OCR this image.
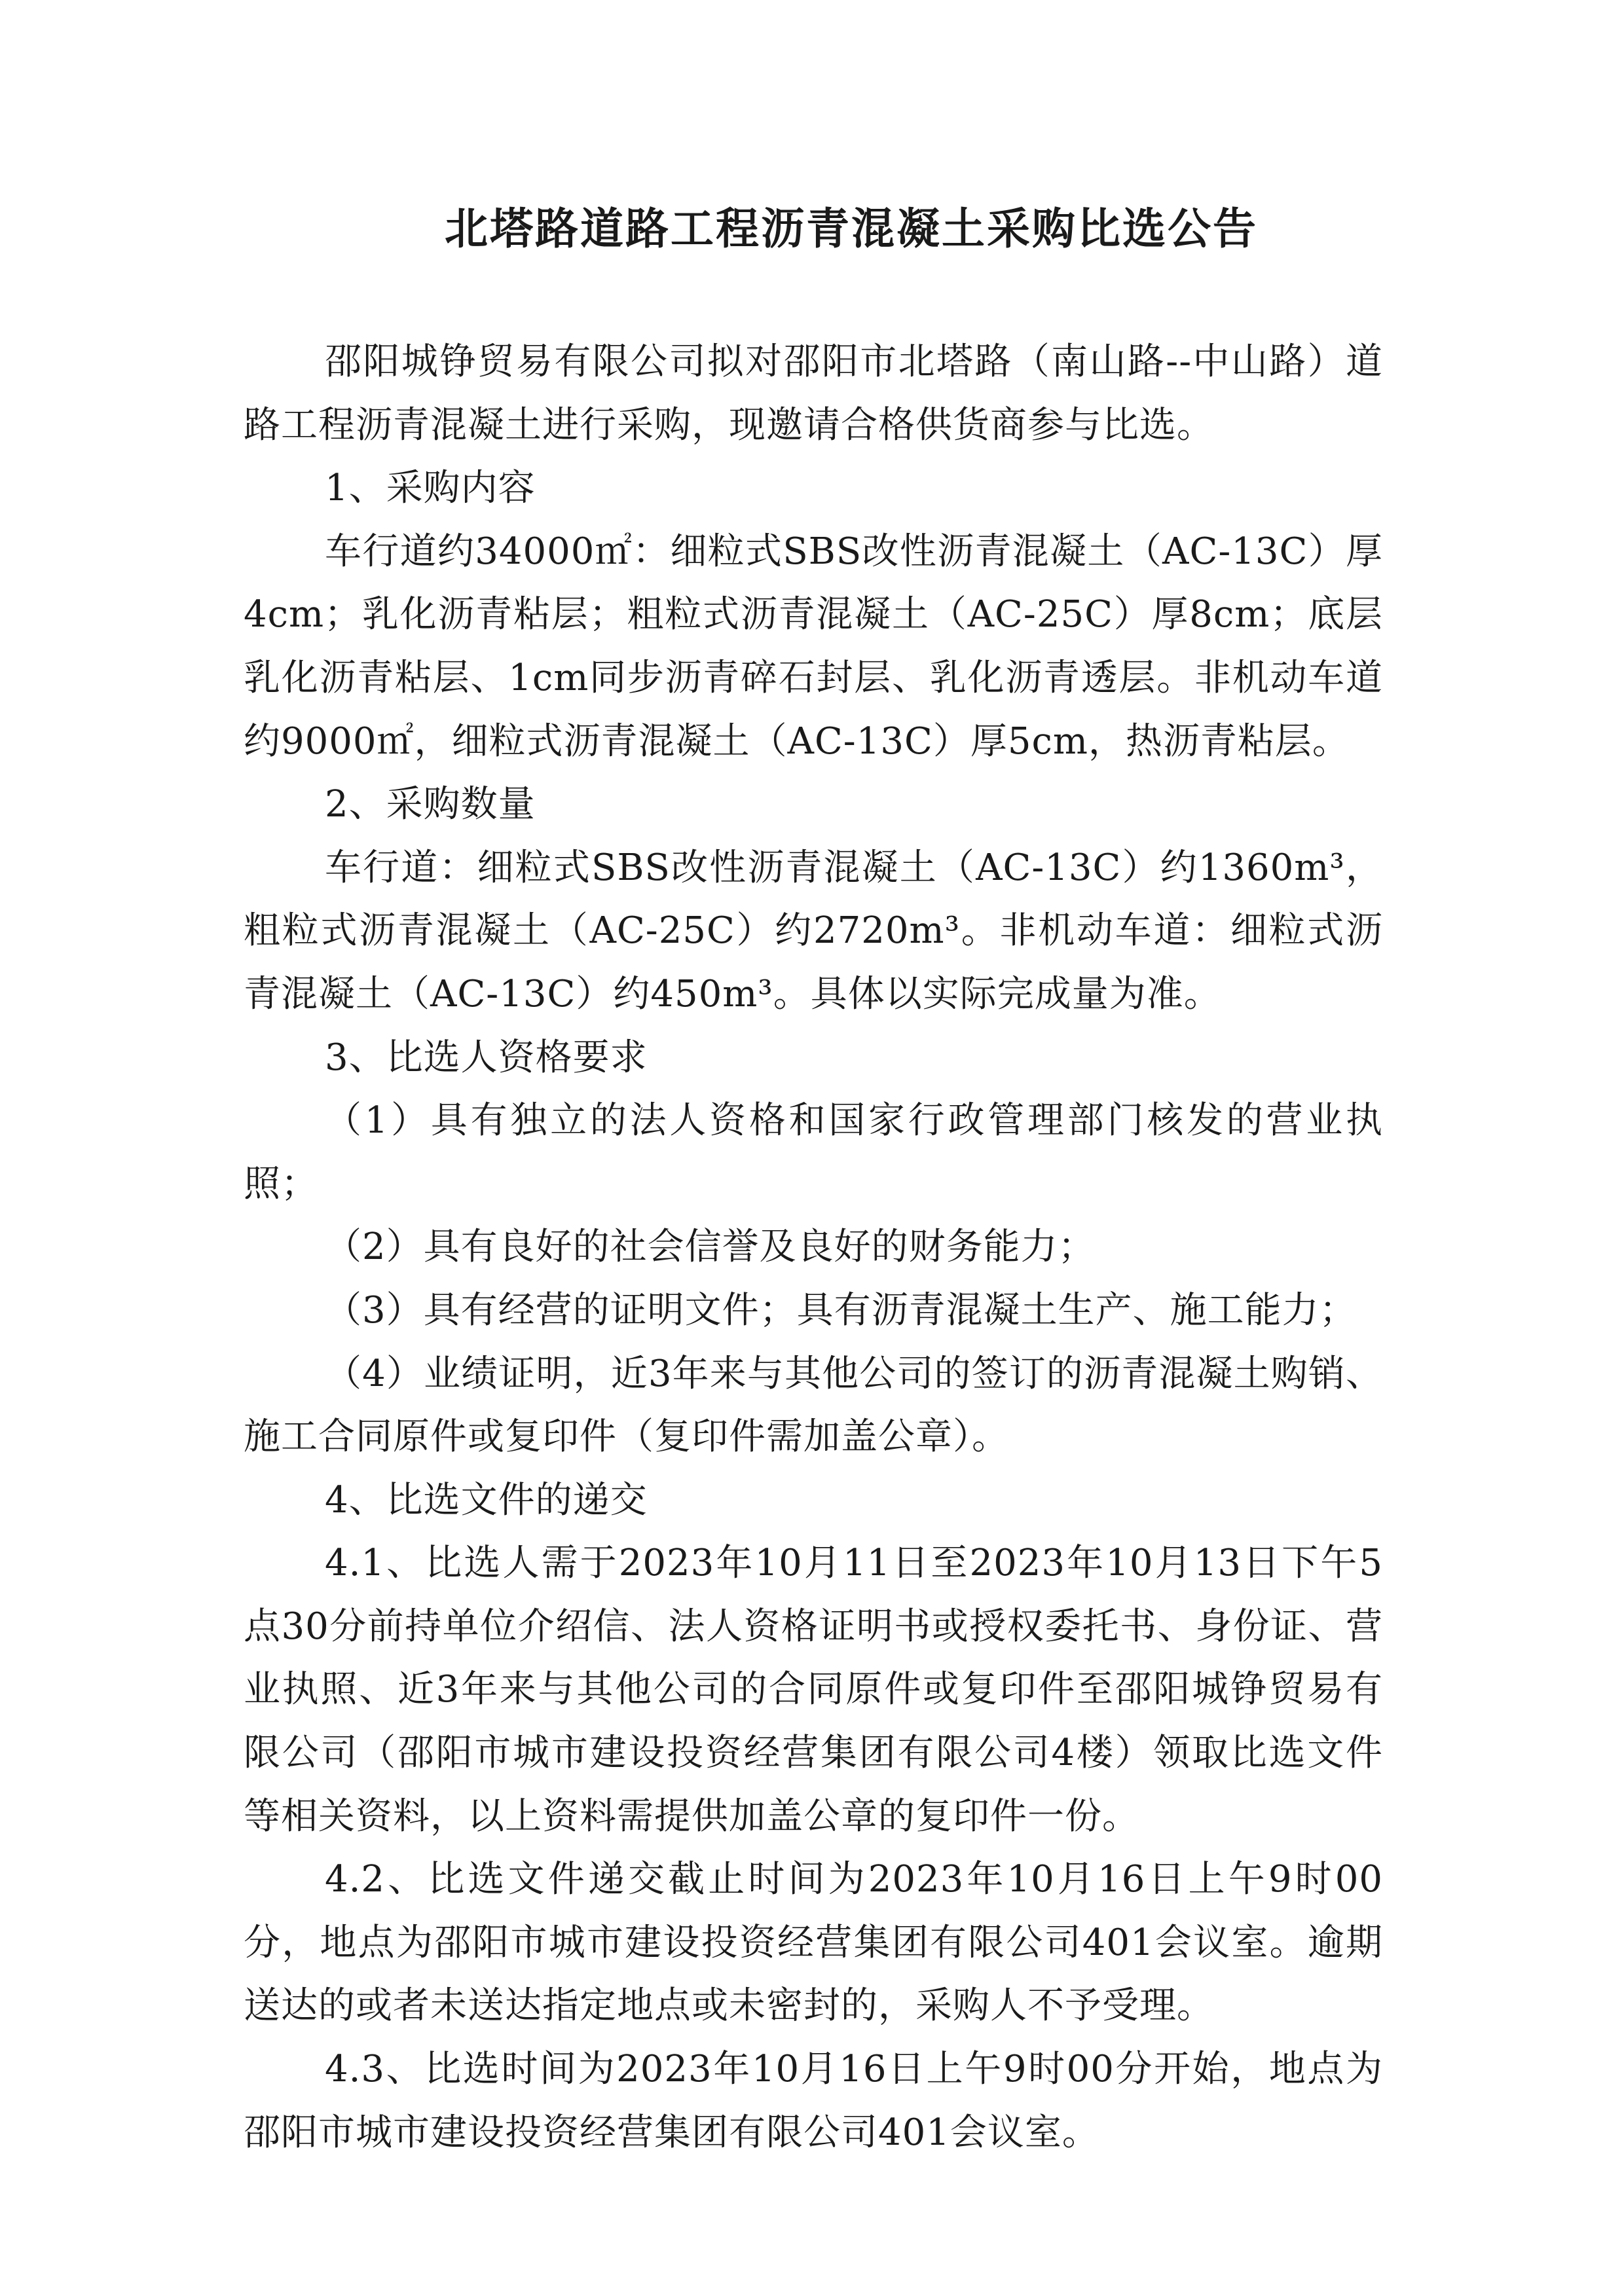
北塔路道路工程沥青混凝土采购比选公告

邵阳城铮贸易有限公司拟对邵阳市北塔路（南山路--中山路）道路工程沥青混凝土进行采购，现邀请合格供货商参与比选。

1、采购内容

车行道约34000㎡：细粒式SBS改性沥青混凝土（AC-13C）厚4cm；乳化沥青粘层；粗粒式沥青混凝土（AC-25C）厚8cm；底层乳化沥青粘层、1cm同步沥青碎石封层、乳化沥青透层。非机动车道约9000㎡，细粒式沥青混凝土（AC-13C）厚5cm，热沥青粘层。

2、采购数量

车行道：细粒式SBS改性沥青混凝土（AC-13C）约1360m³，粗粒式沥青混凝土（AC-25C）约2720m³。非机动车道：细粒式沥青混凝土（AC-13C）约450m³。具体以实际完成量为准。

3、比选人资格要求

（1）具有独立的法人资格和国家行政管理部门核发的营业执照；

（2）具有良好的社会信誉及良好的财务能力；

（3）具有经营的证明文件；具有沥青混凝土生产、施工能力；

（4）业绩证明，近3年来与其他公司的签订的沥青混凝土购销、施工合同原件或复印件（复印件需加盖公章）。

4、比选文件的递交

4.1、比选人需于2023年10月11日至2023年10月13日下午5点30分前持单位介绍信、法人资格证明书或授权委托书、身份证、营业执照、近3年来与其他公司的合同原件或复印件至邵阳城铮贸易有限公司（邵阳市城市建设投资经营集团有限公司4楼）领取比选文件等相关资料，以上资料需提供加盖公章的复印件一份。

4.2、比选文件递交截止时间为2023年10月16日上午9时00分，地点为邵阳市城市建设投资经营集团有限公司401会议室。逾期送达的或者未送达指定地点或未密封的，采购人不予受理。

4.3、比选时间为2023年10月16日上午9时00分开始，地点为邵阳市城市建设投资经营集团有限公司401会议室。
